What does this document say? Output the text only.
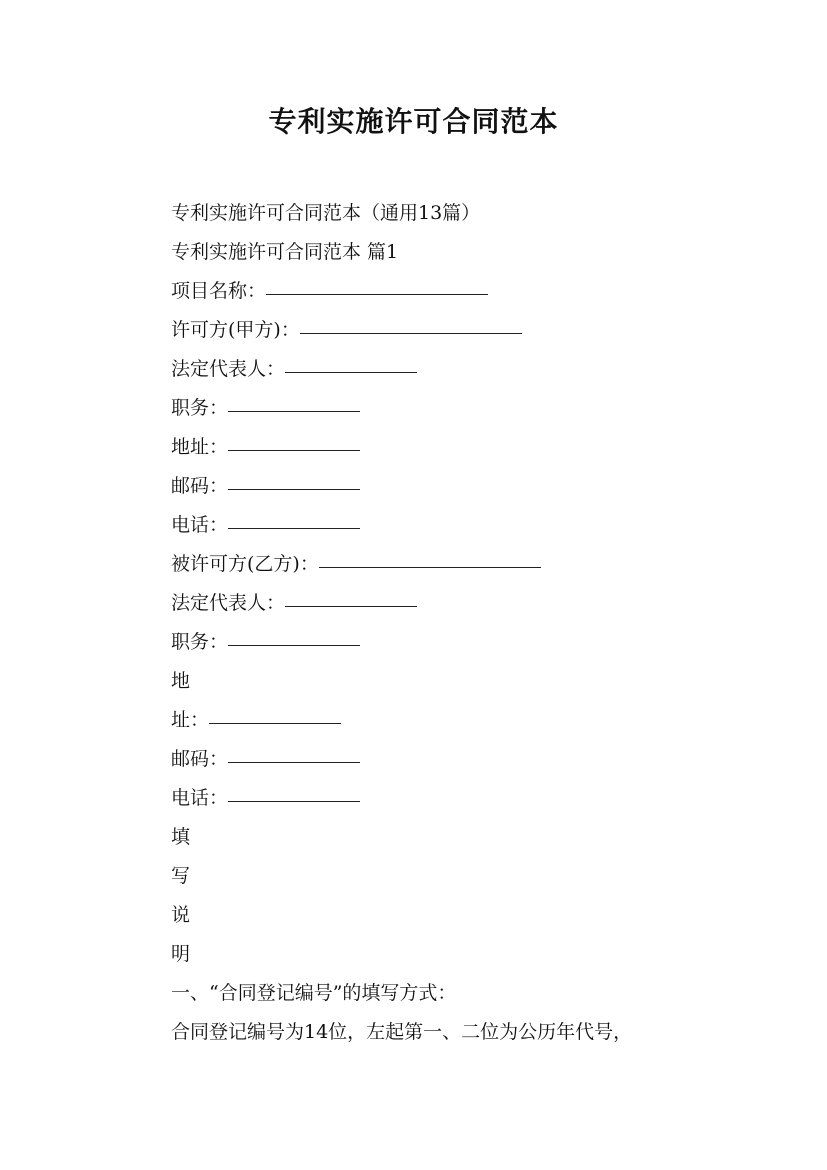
专利实施许可合同范本
专利实施许可合同范本（通用13篇）
专利实施许可合同范本 篇1
项目名称：
许可方(甲方)：
法定代表人：
职务：
地址：
邮码：
电话：
被许可方(乙方)：
法定代表人：
职务：
地
址：
邮码：
电话：
填
写
说
明
一、“合同登记编号”的填写方式：
合同登记编号为14位，左起第一、二位为公历年代号，
